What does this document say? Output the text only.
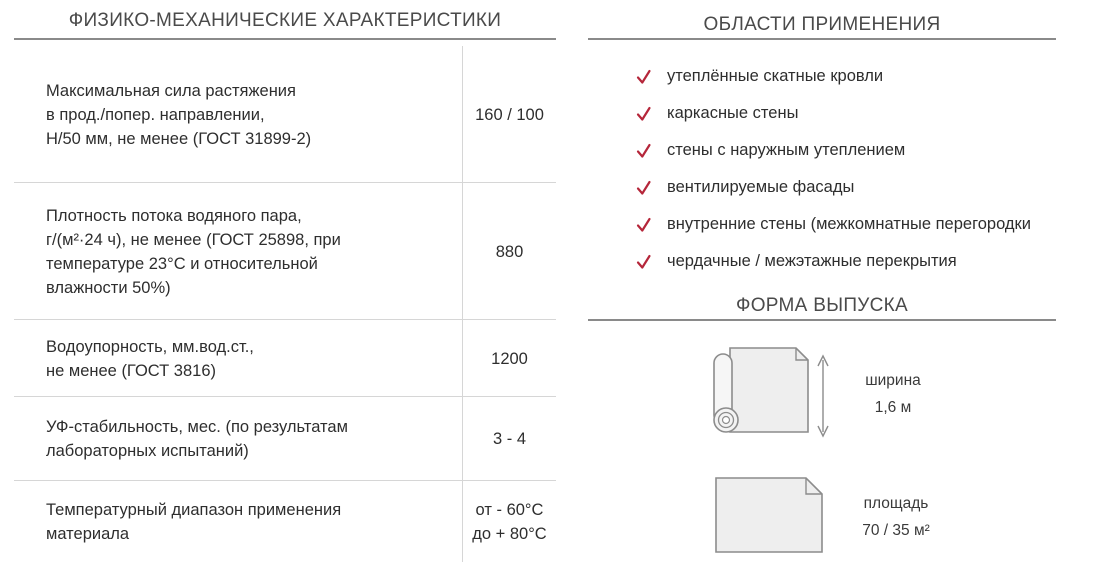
ФИЗИКО-МЕХАНИЧЕСКИЕ ХАРАКТЕРИСТИКИ
Максимальная сила растяжения
в прод./попер. направлении,
Н/50 мм, не менее (ГОСТ 31899-2)
160 / 100
Плотность потока водяного пара,
г/(м²·24 ч), не менее (ГОСТ 25898, при
температуре 23°С и относительной
влажности 50%)
880
Водоупорность, мм.вод.ст.,
не менее (ГОСТ 3816)
1200
УФ-стабильность, мес. (по результатам
лабораторных испытаний)
3 - 4
Температурный диапазон применения
материала
от - 60°С
до + 80°С
ОБЛАСТИ ПРИМЕНЕНИЯ
утеплённые скатные кровли
каркасные стены
стены с наружным утеплением
вентилируемые фасады
внутренние стены (межкомнатные перегородки
чердачные / межэтажные перекрытия
ФОРМА ВЫПУСКА
ширина
1,6 м
площадь
70 / 35 м²
